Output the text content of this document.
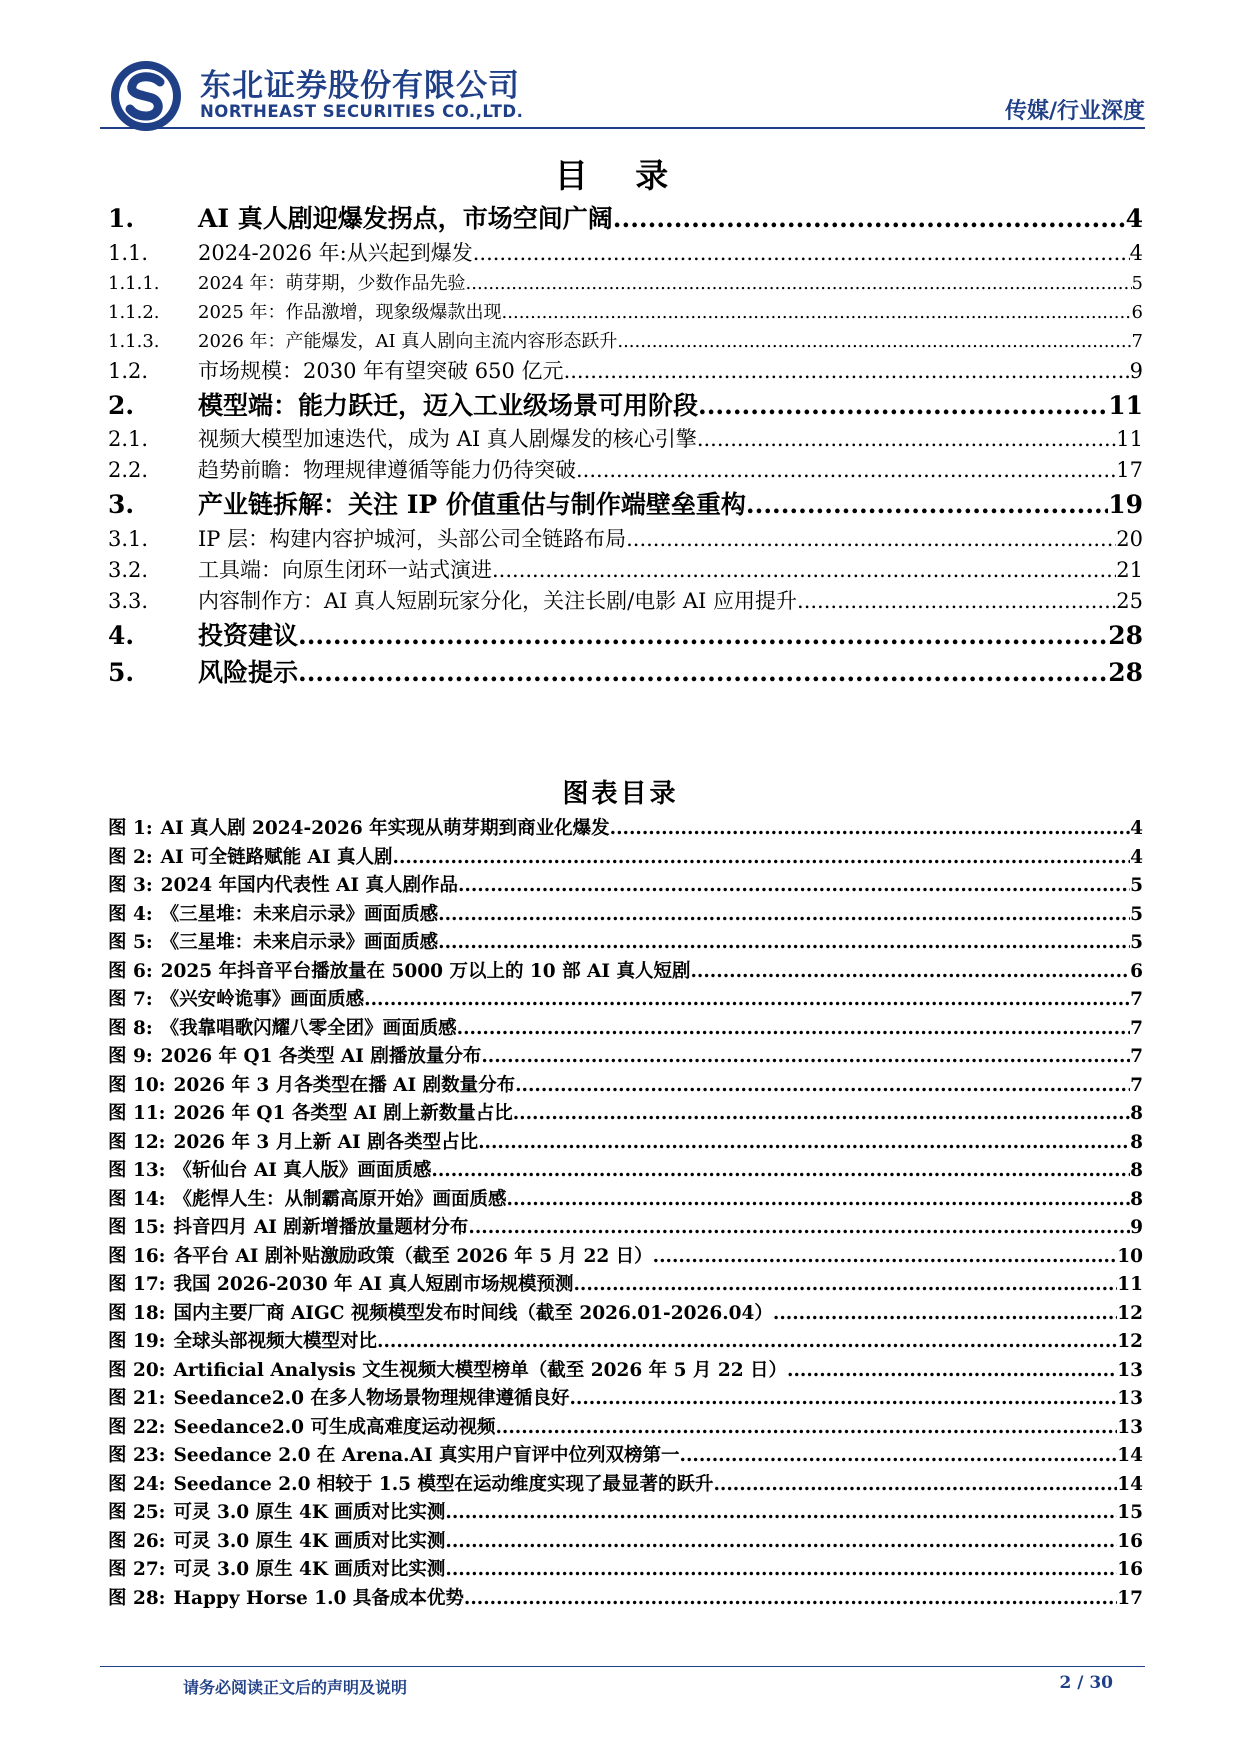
东北证券股份有限公司
NORTHEAST SECURITIES CO.,LTD.	传媒/行业深度
目 录
1.	AI 真人剧迎爆发拐点，市场空间广阔 .....	4
1.1.	2024-2026 年:从兴起到爆发 .....	4
1.1.1.	2024 年：萌芽期，少数作品先验 .....	5
1.1.2.	2025 年：作品激增，现象级爆款出现 .....	6
1.1.3.	2026 年：产能爆发，AI 真人剧向主流内容形态跃升 .....	7
1.2.	市场规模：2030 年有望突破 650 亿元 .....	9
2.	模型端：能力跃迁，迈入工业级场景可用阶段 .....	11
2.1.	视频大模型加速迭代，成为 AI 真人剧爆发的核心引擎 .....	11
2.2.	趋势前瞻：物理规律遵循等能力仍待突破 .....	17
3.	产业链拆解：关注 IP 价值重估与制作端壁垒重构 .....	19
3.1.	IP 层：构建内容护城河，头部公司全链路布局 .....	20
3.2.	工具端：向原生闭环一站式演进 .....	21
3.3.	内容制作方：AI 真人短剧玩家分化，关注长剧/电影 AI 应用提升 .....	25
4.	投资建议 .....	28
5.	风险提示 .....	28
图表目录
图 1: AI 真人剧 2024-2026 年实现从萌芽期到商业化爆发 .....	4
图 2: AI 可全链路赋能 AI 真人剧 .....	4
图 3: 2024 年国内代表性 AI 真人剧作品 .....	5
图 4: 《三星堆：未来启示录》画面质感 .....	5
图 5: 《三星堆：未来启示录》画面质感 .....	5
图 6: 2025 年抖音平台播放量在 5000 万以上的 10 部 AI 真人短剧 .....	6
图 7: 《兴安岭诡事》画面质感 .....	7
图 8: 《我靠唱歌闪耀八零全团》画面质感 .....	7
图 9: 2026 年 Q1 各类型 AI 剧播放量分布 .....	7
图 10: 2026 年 3 月各类型在播 AI 剧数量分布 .....	7
图 11: 2026 年 Q1 各类型 AI 剧上新数量占比 .....	8
图 12: 2026 年 3 月上新 AI 剧各类型占比 .....	8
图 13: 《斩仙台 AI 真人版》画面质感 .....	8
图 14: 《彪悍人生：从制霸高原开始》画面质感 .....	8
图 15: 抖音四月 AI 剧新增播放量题材分布 .....	9
图 16: 各平台 AI 剧补贴激励政策（截至 2026 年 5 月 22 日） .....	10
图 17: 我国 2026-2030 年 AI 真人短剧市场规模预测 .....	11
图 18: 国内主要厂商 AIGC 视频模型发布时间线（截至 2026.01-2026.04） .....	12
图 19: 全球头部视频大模型对比 .....	12
图 20: Artificial Analysis 文生视频大模型榜单（截至 2026 年 5 月 22 日） .....	13
图 21: Seedance2.0 在多人物场景物理规律遵循良好 .....	13
图 22: Seedance2.0 可生成高难度运动视频 .....	13
图 23: Seedance 2.0 在 Arena.AI 真实用户盲评中位列双榜第一 .....	14
图 24: Seedance 2.0 相较于 1.5 模型在运动维度实现了最显著的跃升 .....	14
图 25: 可灵 3.0 原生 4K 画质对比实测 .....	15
图 26: 可灵 3.0 原生 4K 画质对比实测 .....	16
图 27: 可灵 3.0 原生 4K 画质对比实测 .....	16
图 28: Happy Horse 1.0 具备成本优势 .....	17
请务必阅读正文后的声明及说明	2 / 30
